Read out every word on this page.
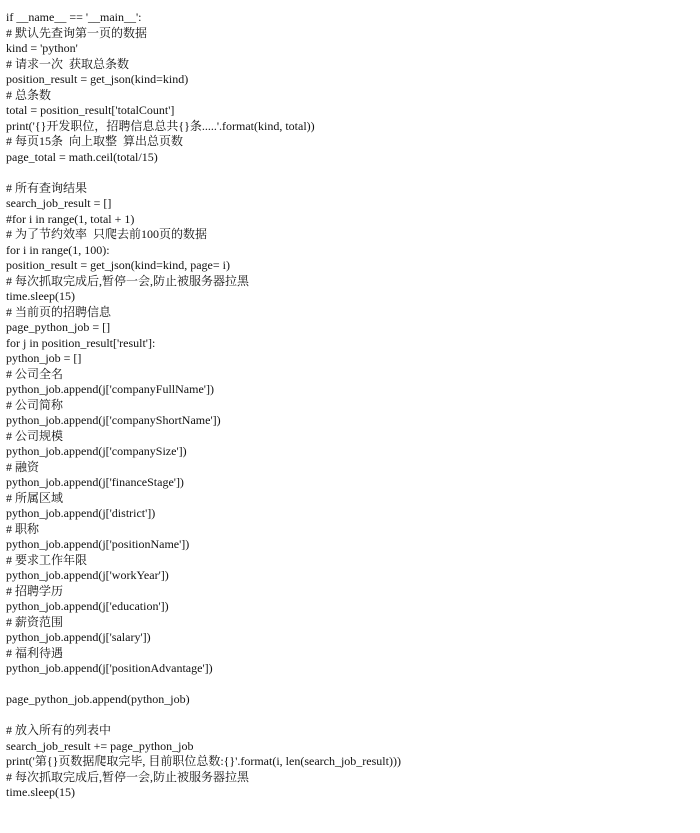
if __name__ == '__main__':
# 默认先查询第一页的数据
kind = 'python'
# 请求一次  获取总条数
position_result = get_json(kind=kind)
# 总条数
total = position_result['totalCount']
print('{}开发职位，招聘信息总共{}条.....'.format(kind, total))
# 每页15条  向上取整  算出总页数
page_total = math.ceil(total/15)
# 所有查询结果
search_job_result = []
#for i in range(1, total + 1)
# 为了节约效率  只爬去前100页的数据
for i in range(1, 100):
position_result = get_json(kind=kind, page= i)
# 每次抓取完成后,暂停一会,防止被服务器拉黑
time.sleep(15)
# 当前页的招聘信息
page_python_job = []
for j in position_result['result']:
python_job = []
# 公司全名
python_job.append(j['companyFullName'])
# 公司简称
python_job.append(j['companyShortName'])
# 公司规模
python_job.append(j['companySize'])
# 融资
python_job.append(j['financeStage'])
# 所属区域
python_job.append(j['district'])
# 职称
python_job.append(j['positionName'])
# 要求工作年限
python_job.append(j['workYear'])
# 招聘学历
python_job.append(j['education'])
# 薪资范围
python_job.append(j['salary'])
# 福利待遇
python_job.append(j['positionAdvantage'])
page_python_job.append(python_job)
# 放入所有的列表中
search_job_result += page_python_job
print('第{}页数据爬取完毕, 目前职位总数:{}'.format(i, len(search_job_result)))
# 每次抓取完成后,暂停一会,防止被服务器拉黑
time.sleep(15)
